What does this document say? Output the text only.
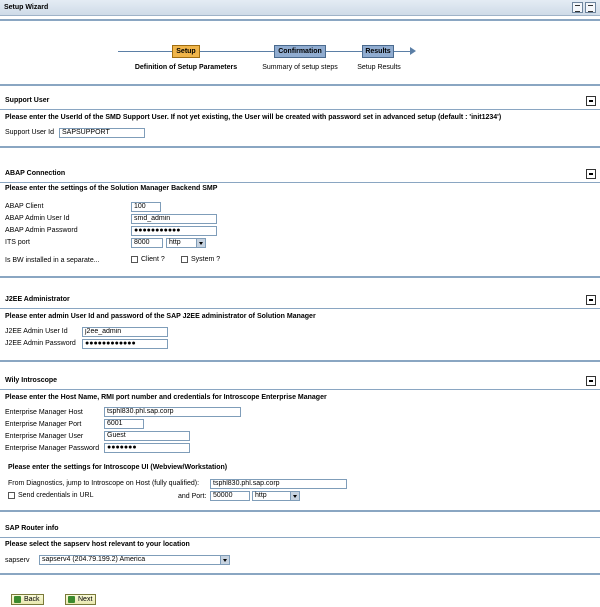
Setup Wizard
Setup	Confirmation	Results
Definition of Setup Parameters	Summary of setup steps	Setup Results
Support User
Please enter the UserId of the SMD Support User. If not yet existing, the User will be created with password set in advanced setup (default : 'init1234')
Support User Id	SAPSUPPORT
ABAP Connection
Please enter the settings of the Solution Manager Backend SMP
ABAP Client	100
ABAP Admin User Id	smd_admin
ABAP Admin Password	●●●●●●●●●●●
ITS port	8000	http
Is BW installed in a separate...	Client ?	System ?
J2EE Administrator
Please enter admin User Id and password of the SAP J2EE administrator of Solution Manager
J2EE Admin User Id	j2ee_admin
J2EE Admin Password	●●●●●●●●●●●●
Wily Introscope
Please enter the Host Name, RMI port number and credentials for Introscope Enterprise Manager
Enterprise Manager Host	tsphl830.phl.sap.corp
Enterprise Manager Port	6001
Enterprise Manager User	Guest
Enterprise Manager Password	●●●●●●●
Please enter the settings for Introscope UI (Webview/Workstation)
From Diagnostics, jump to Introscope on Host (fully qualified):	tsphl830.phl.sap.corp
Send credentials in URL	and Port: 50000	http
SAP Router info
Please select the sapserv host relevant to your location
sapserv	sapserv4 (204.79.199.2) America
Back	Next
